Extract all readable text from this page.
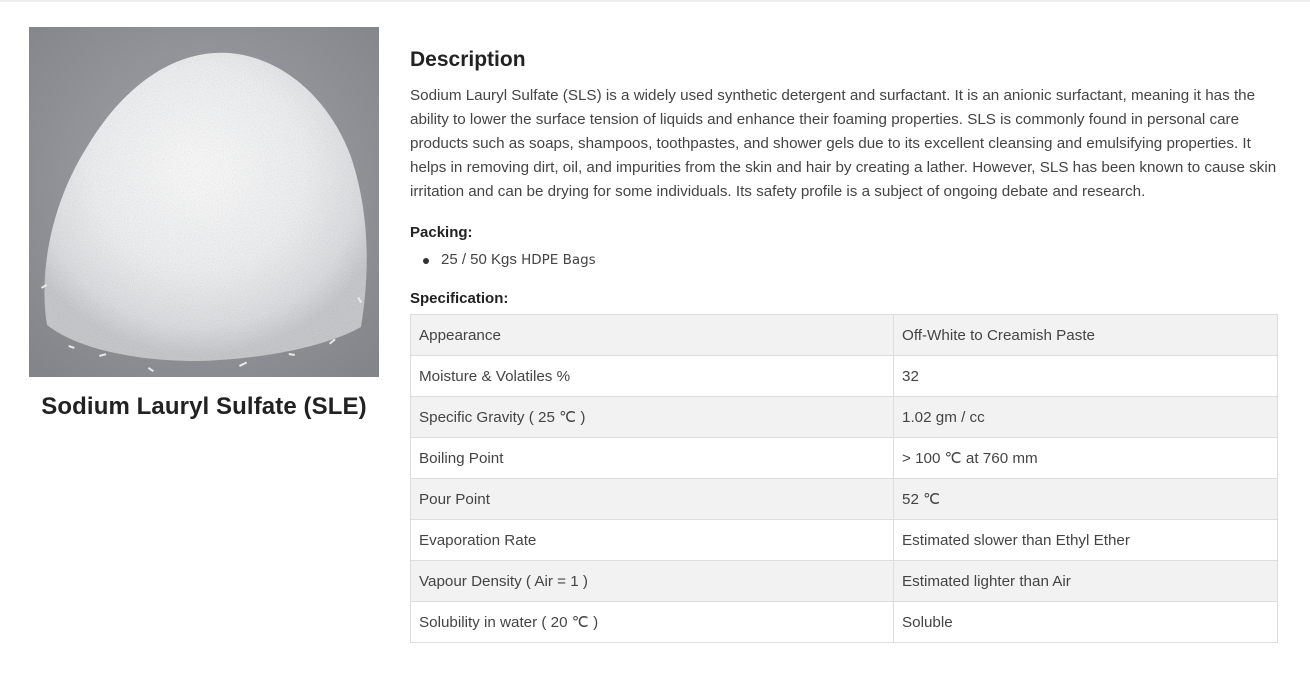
Sodium Lauryl Sulfate (SLE)
Description

Sodium Lauryl Sulfate (SLS) is a widely used synthetic detergent and surfactant. It is an anionic surfactant, meaning it has the ability to lower the surface tension of liquids and enhance their foaming properties. SLS is commonly found in personal care products such as soaps, shampoos, toothpastes, and shower gels due to its excellent cleansing and emulsifying properties. It helps in removing dirt, oil, and impurities from the skin and hair by creating a lather. However, SLS has been known to cause skin irritation and can be drying for some individuals. Its safety profile is a subject of ongoing debate and research.

Packing:
25 / 50 Kgs HDPE Bags
Specification:
Appearance	Off-White to Creamish Paste
Moisture & Volatiles %	32
Specific Gravity ( 25 ℃ )	1.02 gm / cc
Boiling Point	> 100 ℃ at 760 mm
Pour Point	52 ℃
Evaporation Rate	Estimated slower than Ethyl Ether
Vapour Density ( Air = 1 )	Estimated lighter than Air
Solubility in water ( 20 ℃ )	Soluble
